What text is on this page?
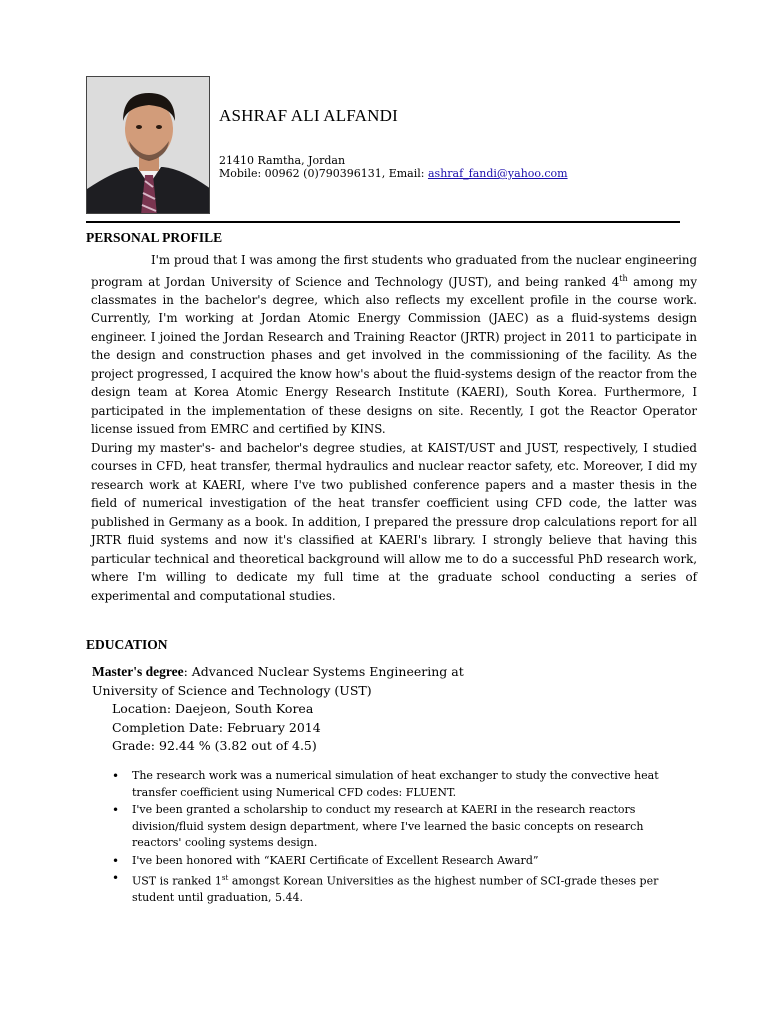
ASHRAF ALI ALFANDI
21410 Ramtha, Jordan
Mobile: 00962 (0)790396131, Email: ashraf_fandi@yahoo.com
PERSONAL PROFILE

I'm proud that I was among the first students who graduated from the nuclear engineering program at Jordan University of Science and Technology (JUST), and being ranked 4th among my classmates in the bachelor's degree, which also reflects my excellent profile in the course work. Currently, I'm working at Jordan Atomic Energy Commission (JAEC) as a fluid-systems design engineer. I joined the Jordan Research and Training Reactor (JRTR) project in 2011 to participate in the design and construction phases and get involved in the commissioning of the facility. As the project progressed, I acquired the know how's about the fluid-systems design of the reactor from the design team at Korea Atomic Energy Research Institute (KAERI), South Korea. Furthermore, I participated in the implementation of these designs on site. Recently, I got the Reactor Operator license issued from EMRC and certified by KINS.

During my master's- and bachelor's degree studies, at KAIST/UST and JUST, respectively, I studied courses in CFD, heat transfer, thermal hydraulics and nuclear reactor safety, etc. Moreover, I did my research work at KAERI, where I've two published conference papers and a master thesis in the field of numerical investigation of the heat transfer coefficient using CFD code, the latter was published in Germany as a book. In addition, I prepared the pressure drop calculations report for all JRTR fluid systems and now it's classified at KAERI's library. I strongly believe that having this particular technical and theoretical background will allow me to do a successful PhD research work, where I'm willing to dedicate my full time at the graduate school conducting a series of experimental and computational studies.

EDUCATION
Master's degree: Advanced Nuclear Systems Engineering at
University of Science and Technology (UST)
Location: Daejeon, South Korea
Completion Date: February 2014
Grade: 92.44 % (3.82 out of 4.5)
• The research work was a numerical simulation of heat exchanger to study the convective heat transfer coefficient using Numerical CFD codes: FLUENT.
• I've been granted a scholarship to conduct my research at KAERI in the research reactors division/fluid system design department, where I've learned the basic concepts on research reactors' cooling systems design.
• I've been honored with “KAERI Certificate of Excellent Research Award”
• UST is ranked 1st amongst Korean Universities as the highest number of SCI-grade theses per student until graduation, 5.44.
